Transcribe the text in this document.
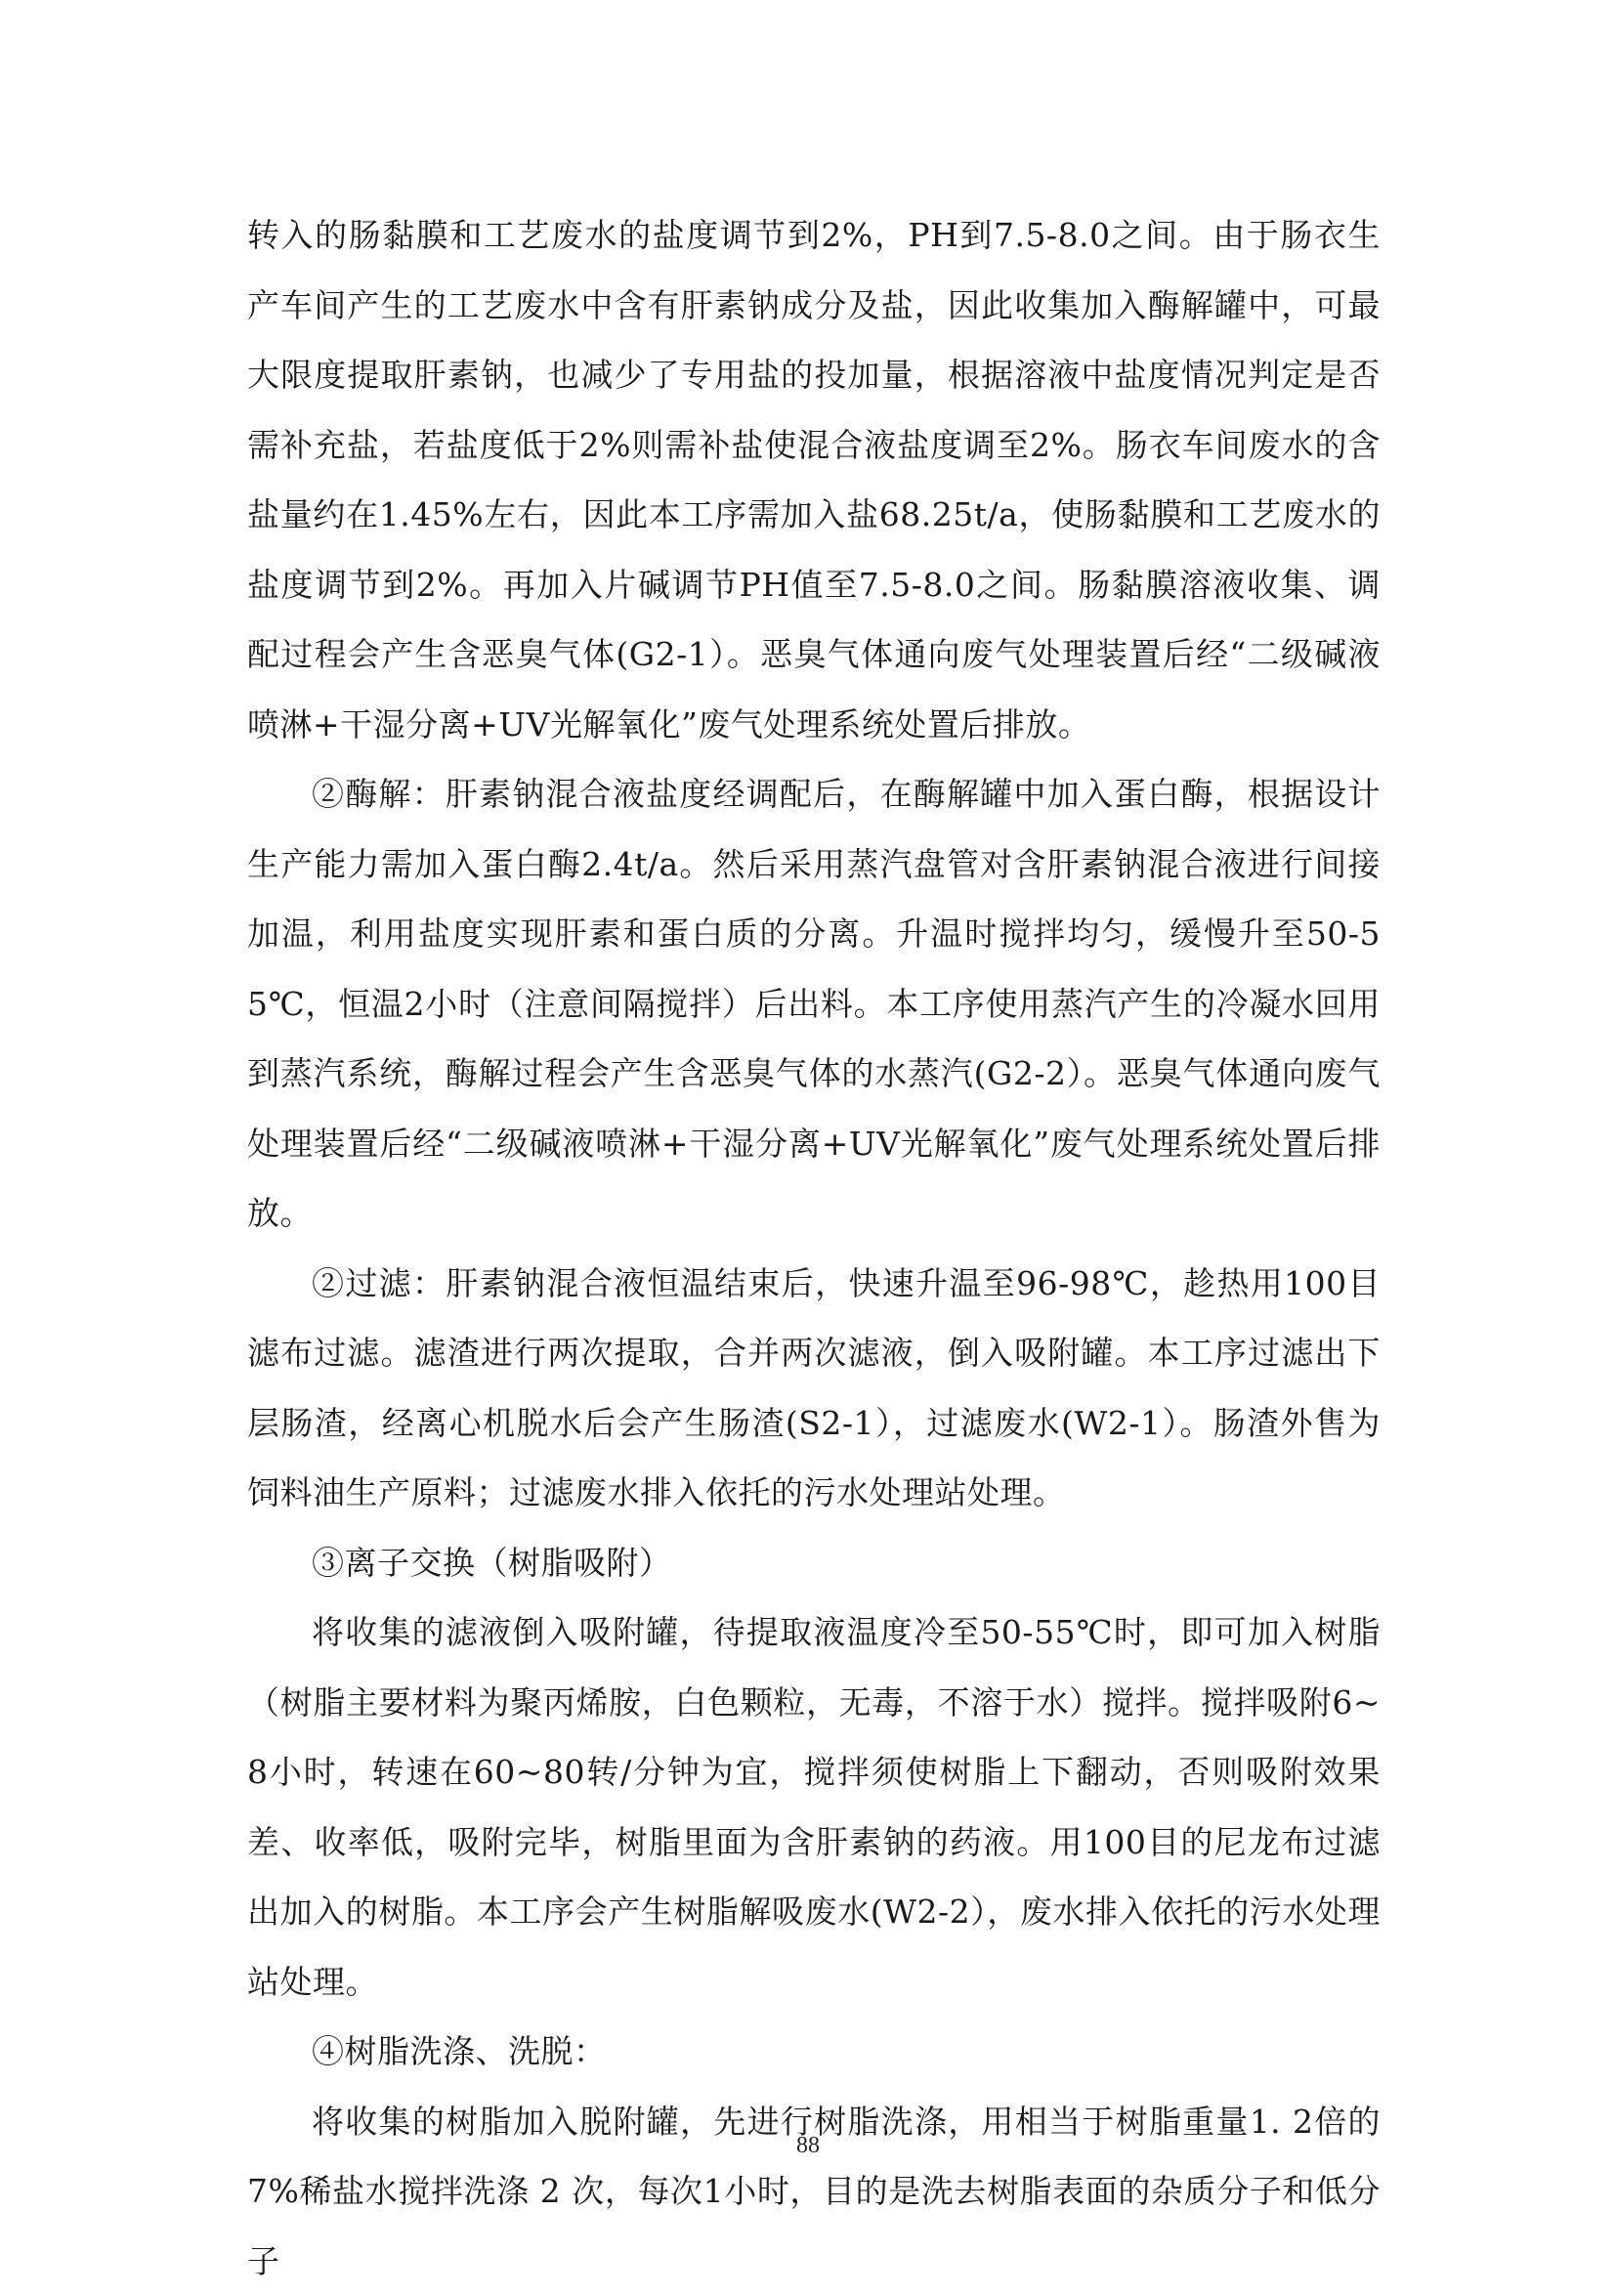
转入的肠黏膜和工艺废水的盐度调节到2%，PH到7.5-8.0之间。由于肠衣生产车间产生的工艺废水中含有肝素钠成分及盐，因此收集加入酶解罐中，可最大限度提取肝素钠，也减少了专用盐的投加量，根据溶液中盐度情况判定是否需补充盐，若盐度低于2%则需补盐使混合液盐度调至2%。肠衣车间废水的含盐量约在1.45%左右，因此本工序需加入盐68.25t/a，使肠黏膜和工艺废水的盐度调节到2%。再加入片碱调节PH值至7.5-8.0之间。肠黏膜溶液收集、调配过程会产生含恶臭气体(G2-1）。恶臭气体通向废气处理装置后经“二级碱液喷淋+干湿分离+UV光解氧化”废气处理系统处置后排放。

②酶解：肝素钠混合液盐度经调配后，在酶解罐中加入蛋白酶，根据设计生产能力需加入蛋白酶2.4t/a。然后采用蒸汽盘管对含肝素钠混合液进行间接加温，利用盐度实现肝素和蛋白质的分离。升温时搅拌均匀，缓慢升至50-55℃，恒温2小时（注意间隔搅拌）后出料。本工序使用蒸汽产生的冷凝水回用到蒸汽系统，酶解过程会产生含恶臭气体的水蒸汽(G2-2）。恶臭气体通向废气处理装置后经“二级碱液喷淋+干湿分离+UV光解氧化”废气处理系统处置后排放。

②过滤：肝素钠混合液恒温结束后，快速升温至96-98℃，趁热用100目滤布过滤。滤渣进行两次提取，合并两次滤液，倒入吸附罐。本工序过滤出下层肠渣，经离心机脱水后会产生肠渣(S2-1），过滤废水(W2-1）。肠渣外售为饲料油生产原料；过滤废水排入依托的污水处理站处理。

③离子交换（树脂吸附）

将收集的滤液倒入吸附罐，待提取液温度冷至50-55℃时，即可加入树脂（树脂主要材料为聚丙烯胺，白色颗粒，无毒，不溶于水）搅拌。搅拌吸附6~8小时，转速在60~80转/分钟为宜，搅拌须使树脂上下翻动，否则吸附效果差、收率低，吸附完毕，树脂里面为含肝素钠的药液。用100目的尼龙布过滤出加入的树脂。本工序会产生树脂解吸废水(W2-2），废水排入依托的污水处理站处理。

④树脂洗涤、洗脱：

将收集的树脂加入脱附罐，先进行树脂洗涤，用相当于树脂重量1. 2倍的7%稀盐水搅拌洗涤 2 次，每次1小时，目的是洗去树脂表面的杂质分子和低分子

88
